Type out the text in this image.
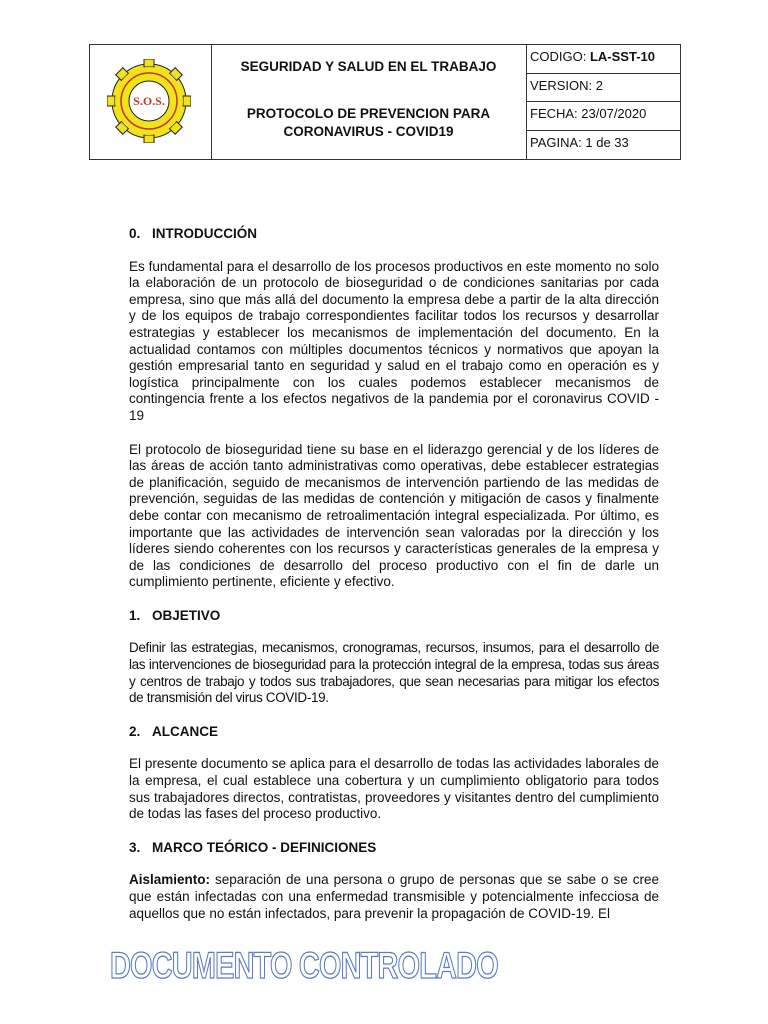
S.O.S.
SEGURIDAD Y SALUD EN EL TRABAJO
PROTOCOLO DE PREVENCION PARA
CORONAVIRUS - COVID19
CODIGO: LA-SST-10
VERSION: 2
FECHA: 23/07/2020
PAGINA: 1 de 33
0. INTRODUCCIÓN

Es fundamental para el desarrollo de los procesos productivos en este momento no solo la elaboración de un protocolo de bioseguridad o de condiciones sanitarias por cada empresa, sino que más allá del documento la empresa debe a partir de la alta dirección y de los equipos de trabajo correspondientes facilitar todos los recursos y desarrollar estrategias y establecer los mecanismos de implementación del documento. En la actualidad contamos con múltiples documentos técnicos y normativos que apoyan la gestión empresarial tanto en seguridad y salud en el trabajo como en operación es y logística principalmente con los cuales podemos establecer mecanismos de contingencia frente a los efectos negativos de la pandemia por el coronavirus COVID - 19

El protocolo de bioseguridad tiene su base en el liderazgo gerencial y de los líderes de las áreas de acción tanto administrativas como operativas, debe establecer estrategias de planificación, seguido de mecanismos de intervención partiendo de las medidas de prevención, seguidas de las medidas de contención y mitigación de casos y finalmente debe contar con mecanismo de retroalimentación integral especializada. Por último, es importante que las actividades de intervención sean valoradas por la dirección y los líderes siendo coherentes con los recursos y características generales de la empresa y de las condiciones de desarrollo del proceso productivo con el fin de darle un cumplimiento pertinente, eficiente y efectivo.

1. OBJETIVO

Definir las estrategias, mecanismos, cronogramas, recursos, insumos, para el desarrollo de las intervenciones de bioseguridad para la protección integral de la empresa, todas sus áreas y centros de trabajo y todos sus trabajadores, que sean necesarias para mitigar los efectos de transmisión del virus COVID-19.

2. ALCANCE

El presente documento se aplica para el desarrollo de todas las actividades laborales de la empresa, el cual establece una cobertura y un cumplimiento obligatorio para todos sus trabajadores directos, contratistas, proveedores y visitantes dentro del cumplimiento de todas las fases del proceso productivo.

3. MARCO TEÓRICO - DEFINICIONES

Aislamiento: separación de una persona o grupo de personas que se sabe o se cree que están infectadas con una enfermedad transmisible y potencialmente infecciosa de aquellos que no están infectados, para prevenir la propagación de COVID-19. El

DOCUMENTO CONTROLADO
